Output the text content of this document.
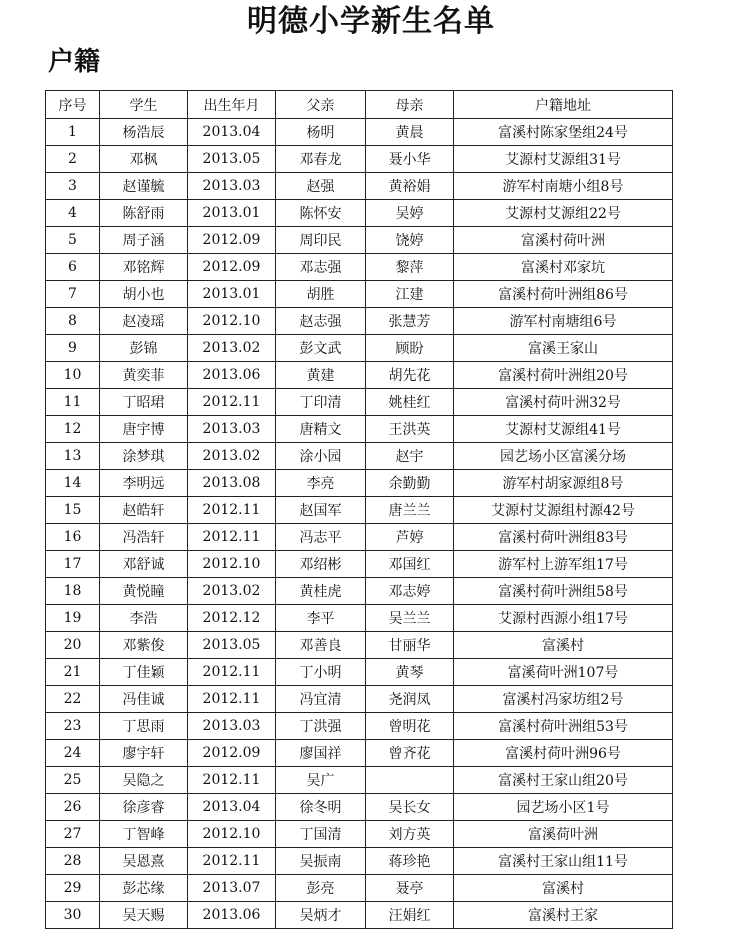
明德小学新生名单
户籍
序号	学生	出生年月	父亲	母亲	户籍地址
1	杨浩辰	2013.04	杨明	黄晨	富溪村陈家堡组24号
2	邓枫	2013.05	邓春龙	聂小华	艾源村艾源组31号
3	赵谨毓	2013.03	赵强	黄裕娟	游军村南塘小组8号
4	陈舒雨	2013.01	陈怀安	吴婷	艾源村艾源组22号
5	周子涵	2012.09	周印民	饶婷	富溪村荷叶洲
6	邓铭辉	2012.09	邓志强	黎萍	富溪村邓家坑
7	胡小也	2013.01	胡胜	江建	富溪村荷叶洲组86号
8	赵凌瑶	2012.10	赵志强	张慧芳	游军村南塘组6号
9	彭锦	2013.02	彭文武	顾盼	富溪王家山
10	黄奕菲	2013.06	黄建	胡先花	富溪村荷叶洲组20号
11	丁昭珺	2012.11	丁印清	姚桂红	富溪村荷叶洲32号
12	唐宇博	2013.03	唐精文	王洪英	艾源村艾源组41号
13	涂梦琪	2013.02	涂小园	赵宇	园艺场小区富溪分场
14	李明远	2013.08	李亮	余勤勤	游军村胡家源组8号
15	赵皓轩	2012.11	赵国军	唐兰兰	艾源村艾源组村源42号
16	冯浩轩	2012.11	冯志平	芦婷	富溪村荷叶洲组83号
17	邓舒诚	2012.10	邓绍彬	邓国红	游军村上游军组17号
18	黄悦瞳	2013.02	黄桂虎	邓志婷	富溪村荷叶洲组58号
19	李浩	2012.12	李平	吴兰兰	艾源村西源小组17号
20	邓紫俊	2013.05	邓善良	甘丽华	富溪村
21	丁佳颖	2012.11	丁小明	黄琴	富溪荷叶洲107号
22	冯佳诚	2012.11	冯宜清	尧润凤	富溪村冯家坊组2号
23	丁思雨	2013.03	丁洪强	曾明花	富溪村荷叶洲组53号
24	廖宇轩	2012.09	廖国祥	曾齐花	富溪村荷叶洲96号
25	吴隐之	2012.11	吴广		富溪村王家山组20号
26	徐彦睿	2013.04	徐冬明	吴长女	园艺场小区1号
27	丁智峰	2012.10	丁国清	刘方英	富溪荷叶洲
28	吴恩熹	2012.11	吴振南	蒋珍艳	富溪村王家山组11号
29	彭芯缘	2013.07	彭亮	聂亭	富溪村
30	吴天赐	2013.06	吴炳才	汪娟红	富溪村王家
